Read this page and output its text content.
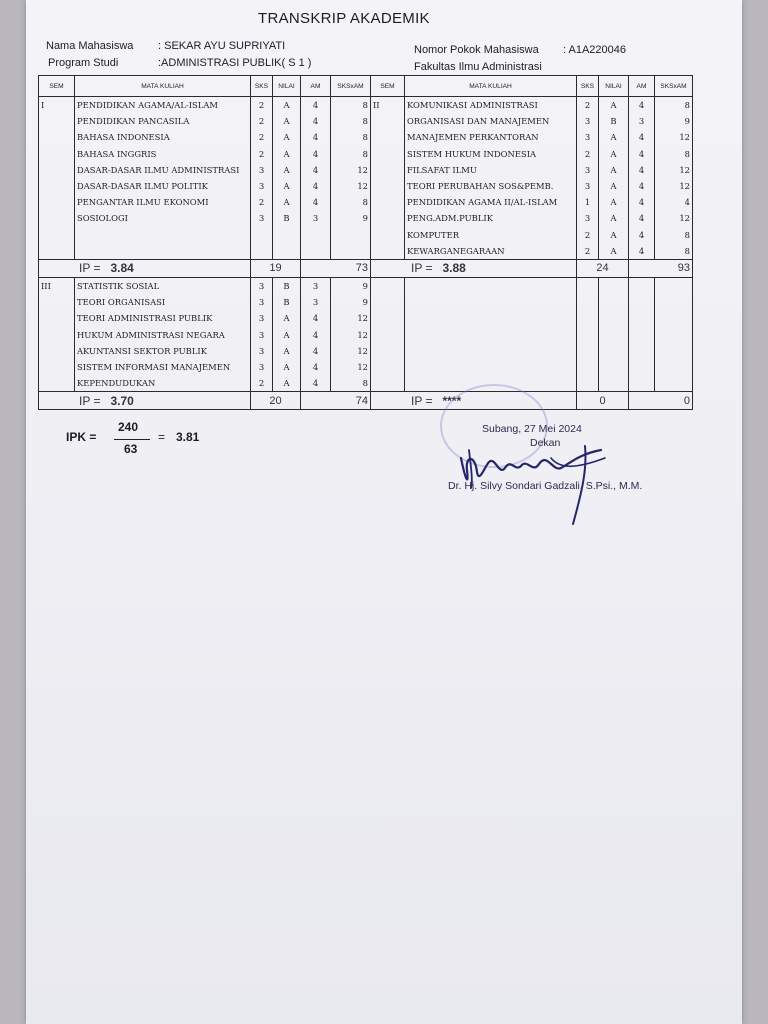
TRANSKRIP AKADEMIK
Nama Mahasiswa : SEKAR AYU SUPRIYATI
Program Studi	:ADMINISTRASI PUBLIK( S 1 )
Nomor Pokok Mahasiswa : A1A220046
Fakultas Ilmu Administrasi
SEM	MATA KULIAH	SKS	NILAI	AM	SKSxAM	SEM	MATA KULIAH	SKS	NILAI	AM	SKSxAM
I	PENDIDIKAN AGAMA/AL-ISLAM	2	A	4	8	II	KOMUNIKASI ADMINISTRASI	2	A	4	8
	PENDIDIKAN PANCASILA	2	A	4	8		ORGANISASI DAN MANAJEMEN	3	B	3	9
	BAHASA INDONESIA	2	A	4	8		MANAJEMEN PERKANTORAN	3	A	4	12
	BAHASA INGGRIS	2	A	4	8		SISTEM HUKUM INDONESIA	2	A	4	8
	DASAR-DASAR ILMU ADMINISTRASI	3	A	4	12		FILSAFAT ILMU	3	A	4	12
	DASAR-DASAR ILMU POLITIK	3	A	4	12		TEORI PERUBAHAN SOS&PEMB.	3	A	4	12
	PENGANTAR ILMU EKONOMI	2	A	4	8		PENDIDIKAN AGAMA II/AL-ISLAM	1	A	4	4
	SOSIOLOGI	3	B	3	9		PENG.ADM.PUBLIK	3	A	4	12
							KOMPUTER	2	A	4	8
							KEWARGANEGARAAN	2	A	4	8
IP = 3.84		19		73		IP = 3.88		24		93	
III	STATISTIK SOSIAL	3	B	3	9						
	TEORI ORGANISASI	3	B	3	9						
	TEORI ADMINISTRASI PUBLIK	3	A	4	12						
	HUKUM ADMINISTRASI NEGARA	3	A	4	12						
	AKUNTANSI SEKTOR PUBLIK	3	A	4	12						
	SISTEM INFORMASI MANAJEMEN	3	A	4	12						
	KEPENDUDUKAN	2	A	4	8						
IP = 3.70		20		74		IP = ****		0		0	
IPK =
240
63
= 3.81
Subang, 27 Mei 2024
Dekan
Dr. Hj. Silvy Sondari Gadzali, S.Psi., M.M.
